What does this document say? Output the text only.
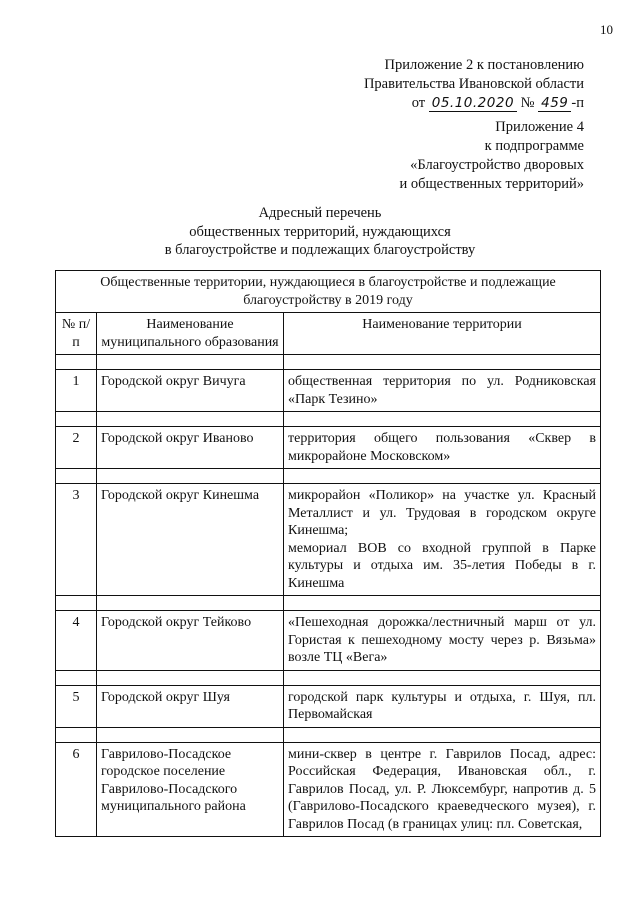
10
Приложение 2 к постановлению
Правительства Ивановской области
от 05.10.2020 № 459 -п
Приложение 4
к подпрограмме
«Благоустройство дворовых
и общественных территорий»
Адресный перечень
общественных территорий, нуждающихся
в благоустройстве и подлежащих благоустройству
Общественные территории, нуждающиеся в благоустройстве и подлежащие благоустройству в 2019 году		
№ п/п	Наименование муниципального образования	Наименование территории

1	Городской округ Вичуга	общественная территория по ул. Родниковская «Парк Тезино»

2	Городской округ Иваново	территория общего пользования «Сквер в микрорайоне Московском»

3	Городской округ Кинешма	микрорайон «Поликор» на участке ул. Красный Металлист и ул. Трудовая в городском округе Кинешма;
мемориал ВОВ со входной группой в Парке культуры и отдыха им. 35-летия Победы в г. Кинешма

4	Городской округ Тейково	«Пешеходная дорожка/лестничный марш от ул. Гористая к пешеходному мосту через р. Вязьма» возле ТЦ «Вега»

5	Городской округ Шуя	городской парк культуры и отдыха, г. Шуя, пл. Первомайская

6	Гаврилово-Посадское городское поселение Гаврилово-Посадского муниципального района	мини-сквер в центре г. Гаврилов Посад, адрес: Российская Федерация, Ивановская обл., г. Гаврилов Посад, ул. Р. Люксембург, напротив д. 5 (Гаврилово-Посадского краеведческого музея), г. Гаврилов Посад (в границах улиц: пл. Советская,
